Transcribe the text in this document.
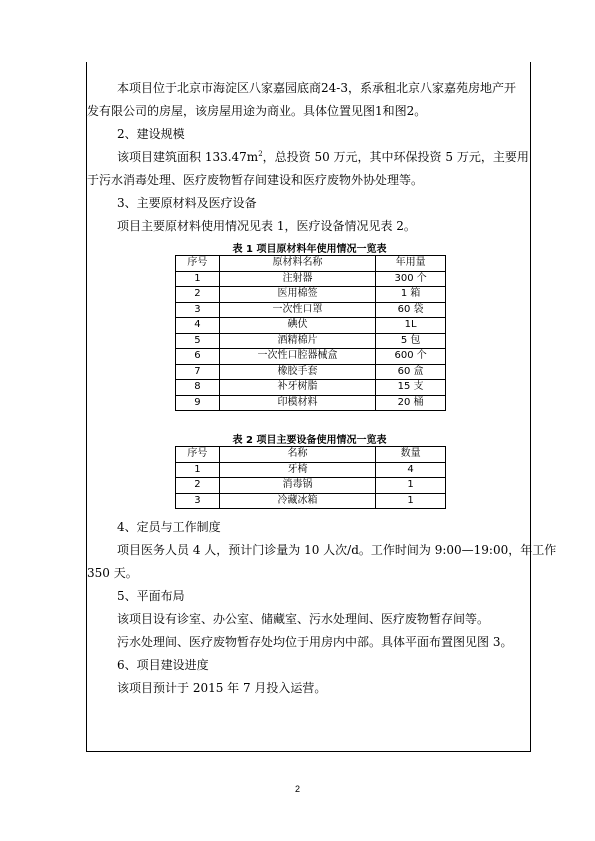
本项目位于北京市海淀区八家嘉园底商24-3，系承租北京八家嘉苑房地产开
发有限公司的房屋，该房屋用途为商业。具体位置见图1和图2。
2、建设规模
该项目建筑面积 $133.47m^2$，总投资 50 万元，其中环保投资 5 万元，主要用
于污水消毒处理、医疗废物暂存间建设和医疗废物外协处理等。
3、主要原材料及医疗设备
项目主要原材料使用情况见表 1，医疗设备情况见表 2。
表 1 项目原材料年使用情况一览表
序号	原材料名称	年用量
1	注射器	300 个
2	医用棉签	1 箱
3	一次性口罩	60 袋
4	碘伏	1L
5	酒精棉片	5 包
6	一次性口腔器械盒	600 个
7	橡胶手套	60 盒
8	补牙树脂	15 支
9	印模材料	20 桶
表 2 项目主要设备使用情况一览表
序号	名称	数量
1	牙椅	4
2	消毒锅	1
3	冷藏冰箱	1
4、定员与工作制度
项目医务人员 4 人，预计门诊量为 10 人次/d。工作时间为 9:00—19:00，年工作
350 天。
5、平面布局
该项目设有诊室、办公室、储藏室、污水处理间、医疗废物暂存间等。
污水处理间、医疗废物暂存处均位于用房内中部。具体平面布置图见图 3。
6、项目建设进度
该项目预计于 2015 年 7 月投入运营。
2
